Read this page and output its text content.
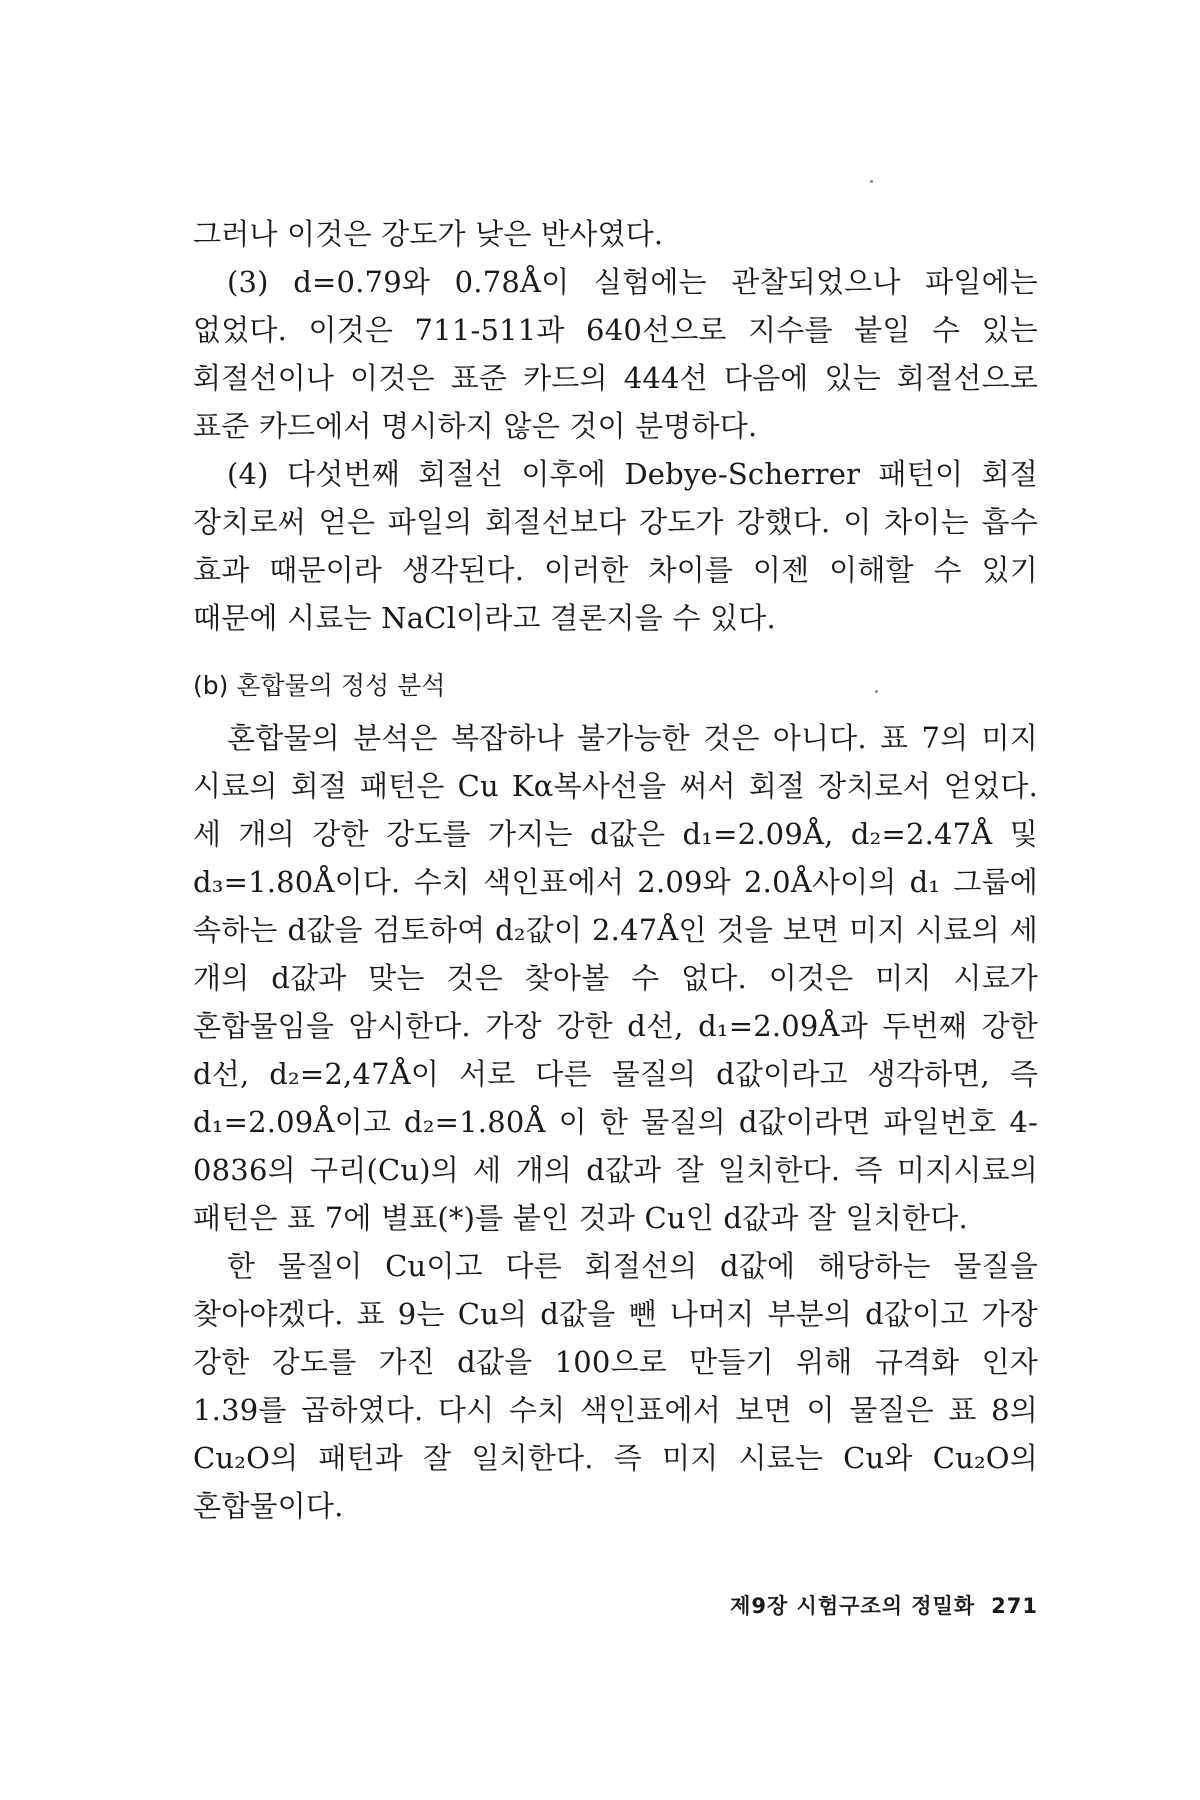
그러나 이것은 강도가 낮은 반사였다.

(3) d=0.79와 0.78Å이 실험에는 관찰되었으나 파일에는 없었다. 이것은 711-511과 640선으로 지수를 붙일 수 있는 회절선이나 이것은 표준 카드의 444선 다음에 있는 회절선으로 표준 카드에서 명시하지 않은 것이 분명하다.

(4) 다섯번째 회절선 이후에 Debye-Scherrer 패턴이 회절 장치로써 얻은 파일의 회절선보다 강도가 강했다. 이 차이는 흡수 효과 때문이라 생각된다. 이러한 차이를 이젠 이해할 수 있기 때문에 시료는 NaCl이라고 결론지을 수 있다.

(b) 혼합물의 정성 분석

혼합물의 분석은 복잡하나 불가능한 것은 아니다. 표 7의 미지 시료의 회절 패턴은 Cu Kα복사선을 써서 회절 장치로서 얻었다. 세 개의 강한 강도를 가지는 d값은 d₁=2.09Å, d₂=2.47Å 및 d₃=1.80Å이다. 수치 색인표에서 2.09와 2.0Å사이의 d₁ 그룹에 속하는 d값을 검토하여 d₂값이 2.47Å인 것을 보면 미지 시료의 세 개의 d값과 맞는 것은 찾아볼 수 없다. 이것은 미지 시료가 혼합물임을 암시한다. 가장 강한 d선, d₁=2.09Å과 두번째 강한 d선, d₂=2,47Å이 서로 다른 물질의 d값이라고 생각하면, 즉 d₁=2.09Å이고 d₂=1.80Å 이 한 물질의 d값이라면 파일번호 4-0836의 구리(Cu)의 세 개의 d값과 잘 일치한다. 즉 미지시료의 패턴은 표 7에 별표(*)를 붙인 것과 Cu인 d값과 잘 일치한다.

한 물질이 Cu이고 다른 회절선의 d값에 해당하는 물질을 찾아야겠다. 표 9는 Cu의 d값을 뺀 나머지 부분의 d값이고 가장 강한 강도를 가진 d값을 100으로 만들기 위해 규격화 인자 1.39를 곱하였다. 다시 수치 색인표에서 보면 이 물질은 표 8의 Cu₂O의 패턴과 잘 일치한다. 즉 미지 시료는 Cu와 Cu₂O의 혼합물이다.

제9장 시험구조의 정밀화 271
